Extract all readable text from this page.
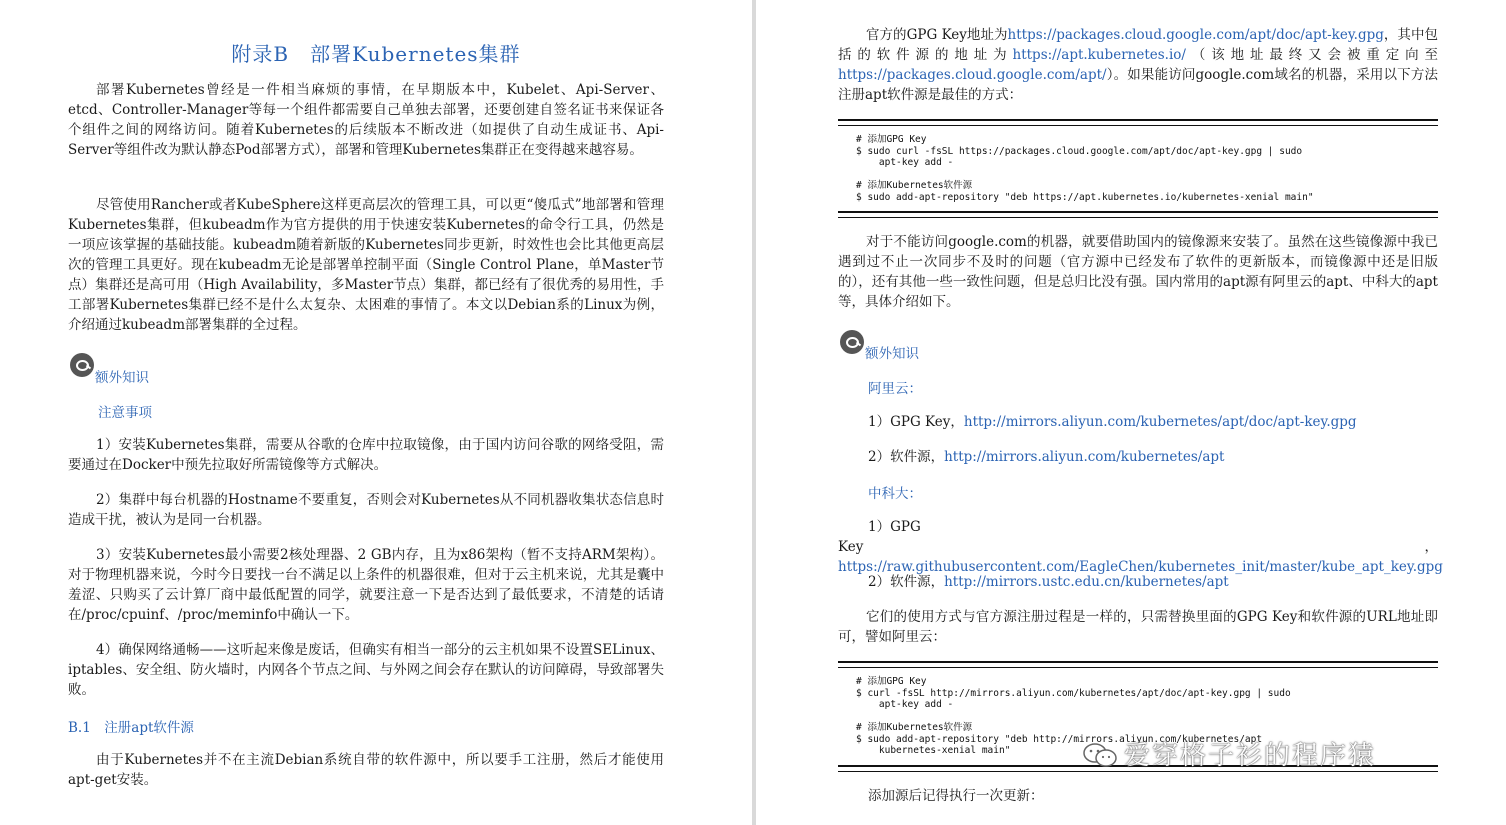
附录B　部署Kubernetes集群

部署Kubernetes曾经是一件相当麻烦的事情，在早期版本中，Kubelet、Api-Server、etcd、Controller-Manager等每一个组件都需要自己单独去部署，还要创建自签名证书来保证各个组件之间的网络访问。随着Kubernetes的后续版本不断改进（如提供了自动生成证书、Api-Server等组件改为默认静态Pod部署方式），部署和管理Kubernetes集群正在变得越来越容易。

尽管使用Rancher或者KubeSphere这样更高层次的管理工具，可以更“傻瓜式”地部署和管理Kubernetes集群，但kubeadm作为官方提供的用于快速安装Kubernetes的命令行工具，仍然是一项应该掌握的基础技能。kubeadm随着新版的Kubernetes同步更新，时效性也会比其他更高层次的管理工具更好。现在kubeadm无论是部署单控制平面（Single Control Plane，单Master节点）集群还是高可用（High Availability，多Master节点）集群，都已经有了很优秀的易用性，手工部署Kubernetes集群已经不是什么太复杂、太困难的事情了。本文以Debian系的Linux为例，介绍通过kubeadm部署集群的全过程。

额外知识
注意事项

1）安装Kubernetes集群，需要从谷歌的仓库中拉取镜像，由于国内访问谷歌的网络受阻，需要通过在Docker中预先拉取好所需镜像等方式解决。

2）集群中每台机器的Hostname不要重复，否则会对Kubernetes从不同机器收集状态信息时造成干扰，被认为是同一台机器。

3）安装Kubernetes最小需要2核处理器、2 GB内存，且为x86架构（暂不支持ARM架构）。对于物理机器来说，今时今日要找一台不满足以上条件的机器很难，但对于云主机来说，尤其是囊中羞涩、只购买了云计算厂商中最低配置的同学，就要注意一下是否达到了最低要求，不清楚的话请在/proc/cpuinf、/proc/meminfo中确认一下。

4）确保网络通畅——这听起来像是废话，但确实有相当一部分的云主机如果不设置SELinux、iptables、安全组、防火墙时，内网各个节点之间、与外网之间会存在默认的访问障碍，导致部署失败。

B.1　注册apt软件源

由于Kubernetes并不在主流Debian系统自带的软件源中，所以要手工注册，然后才能使用apt-get安装。

官方的GPG Key地址为https://packages.cloud.google.com/apt/doc/apt-key.gpg，其中包括的软件源的地址为https://apt.kubernetes.io/（该地址最终又会被重定向至https://packages.cloud.google.com/apt/）。如果能访问google.com域名的机器，采用以下方法注册apt软件源是最佳的方式：

# 添加GPG Key
$ sudo curl -fsSL https://packages.cloud.google.com/apt/doc/apt-key.gpg | sudo
apt-key add -
# 添加Kubernetes软件源
$ sudo add-apt-repository "deb https://apt.kubernetes.io/kubernetes-xenial main"

对于不能访问google.com的机器，就要借助国内的镜像源来安装了。虽然在这些镜像源中我已遇到过不止一次同步不及时的问题（官方源中已经发布了软件的更新版本，而镜像源中还是旧版的），还有其他一些一致性问题，但是总归比没有强。国内常用的apt源有阿里云的apt、中科大的apt等，具体介绍如下。

额外知识
阿里云：

1）GPG Key，http://mirrors.aliyun.com/kubernetes/apt/doc/apt-key.gpg

2）软件源，http://mirrors.aliyun.com/kubernetes/apt

中科大：

1）GPG

Key，https://raw.githubusercontent.com/EagleChen/kubernetes_init/master/kube_apt_key.gpg

2）软件源，http://mirrors.ustc.edu.cn/kubernetes/apt

它们的使用方式与官方源注册过程是一样的，只需替换里面的GPG Key和软件源的URL地址即可，譬如阿里云：

# 添加GPG Key
$ curl -fsSL http://mirrors.aliyun.com/kubernetes/apt/doc/apt-key.gpg | sudo
apt-key add -
# 添加Kubernetes软件源
$ sudo add-apt-repository "deb http://mirrors.aliyun.com/kubernetes/apt
kubernetes-xenial main"

添加源后记得执行一次更新：

爱穿格子衫的程序猿
